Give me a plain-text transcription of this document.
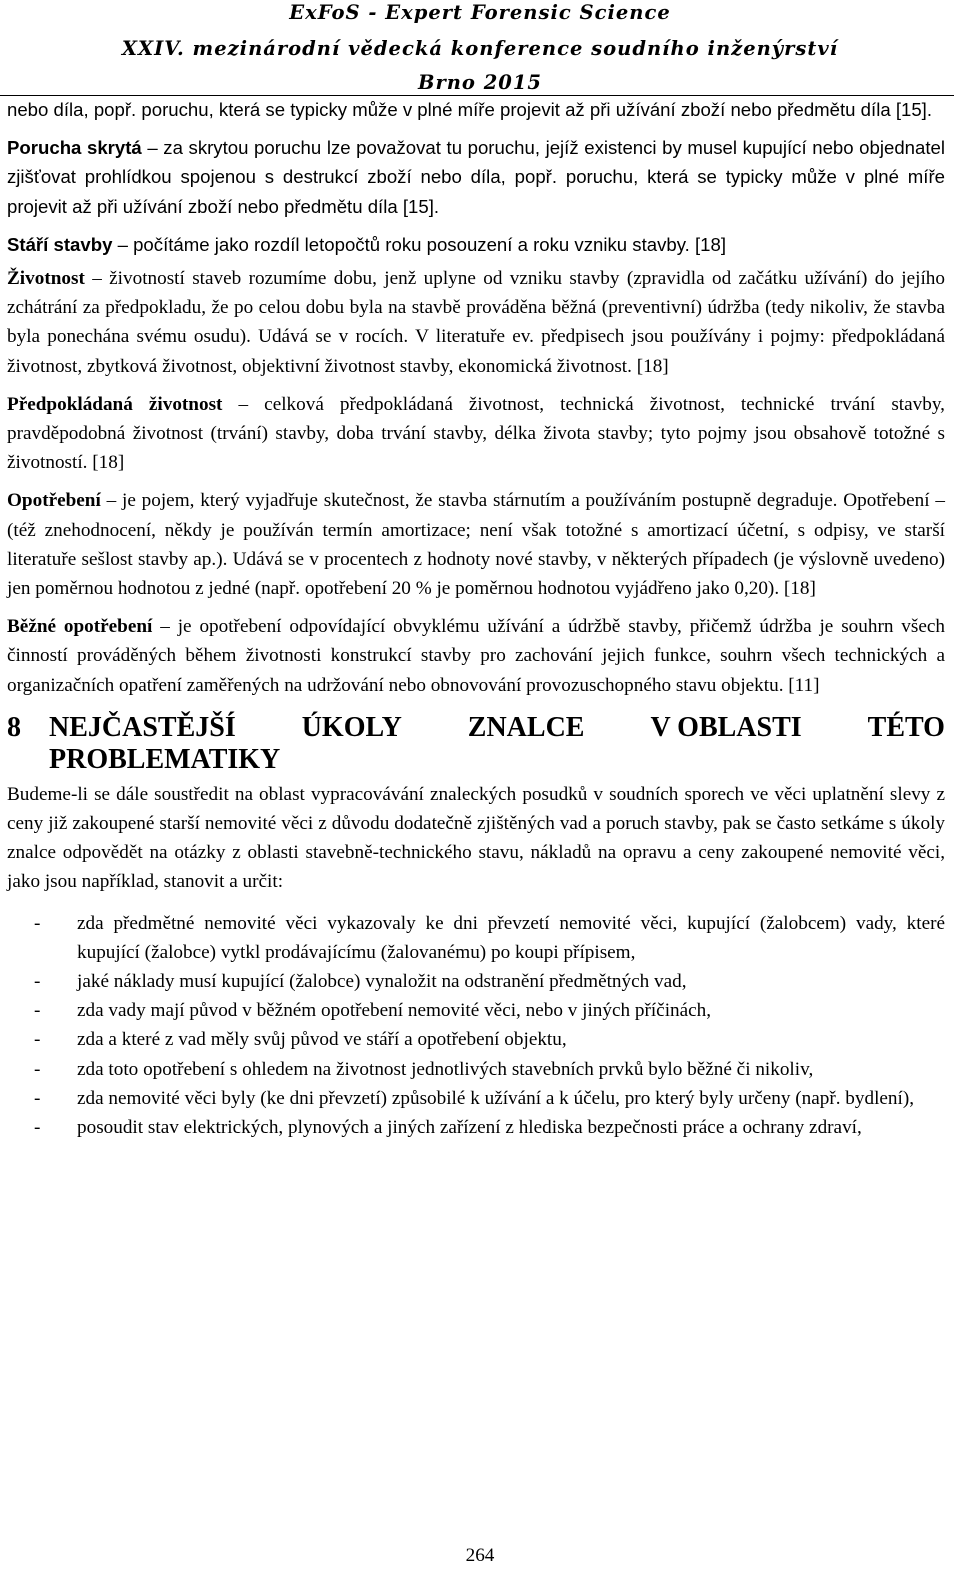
ExFoS - Expert Forensic Science
XXIV. mezinárodní vědecká konference soudního inženýrství
Brno 2015

nebo díla, popř. poruchu, která se typicky může v plné míře projevit až při užívání zboží nebo předmětu díla [15].

Porucha skrytá – za skrytou poruchu lze považovat tu poruchu, jejíž existenci by musel kupující nebo objednatel zjišťovat prohlídkou spojenou s destrukcí zboží nebo díla, popř. poruchu, která se typicky může v plné míře projevit až při užívání zboží nebo předmětu díla [15].

Stáří stavby – počítáme jako rozdíl letopočtů roku posouzení a roku vzniku stavby. [18]

Životnost – životností staveb rozumíme dobu, jenž uplyne od vzniku stavby (zpravidla od začátku užívání) do jejího zchátrání za předpokladu, že po celou dobu byla na stavbě prováděna běžná (preventivní) údržba (tedy nikoliv, že stavba byla ponechána svému osudu). Udává se v rocích. V literatuře ev. předpisech jsou používány i pojmy: předpokládaná životnost, zbytková životnost, objektivní životnost stavby, ekonomická životnost. [18]

Předpokládaná životnost – celková předpokládaná životnost, technická životnost, technické trvání stavby, pravděpodobná životnost (trvání) stavby, doba trvání stavby, délka života stavby; tyto pojmy jsou obsahově totožné s životností. [18]

Opotřebení – je pojem, který vyjadřuje skutečnost, že stavba stárnutím a používáním postupně degraduje. Opotřebení – (též znehodnocení, někdy je používán termín amortizace; není však totožné s amortizací účetní, s odpisy, ve starší literatuře sešlost stavby ap.). Udává se v procentech z hodnoty nové stavby, v některých případech (je výslovně uvedeno) jen poměrnou hodnotou z jedné (např. opotřebení 20 % je poměrnou hodnotou vyjádřeno jako 0,20). [18]

Běžné opotřebení – je opotřebení odpovídající obvyklému užívání a údržbě stavby, přičemž údržba je souhrn všech činností prováděných během životnosti konstrukcí stavby pro zachování jejich funkce, souhrn všech technických a organizačních opatření zaměřených na udržování nebo obnovování provozuschopného stavu objektu. [11]

8 NEJČASTĚJŠÍ ÚKOLY ZNALCE V OBLASTI TÉTO
PROBLEMATIKY

Budeme-li se dále soustředit na oblast vypracovávání znaleckých posudků v soudních sporech ve věci uplatnění slevy z ceny již zakoupené starší nemovité věci z důvodu dodatečně zjištěných vad a poruch stavby, pak se často setkáme s úkoly znalce odpovědět na otázky z oblasti stavebně-technického stavu, nákladů na opravu a ceny zakoupené nemovité věci, jako jsou například, stanovit a určit:

- zda předmětné nemovité věci vykazovaly ke dni převzetí nemovité věci, kupující (žalobcem) vady, které kupující (žalobce) vytkl prodávajícímu (žalovanému) po koupi přípisem,
- jaké náklady musí kupující (žalobce) vynaložit na odstranění předmětných vad,
- zda vady mají původ v běžném opotřebení nemovité věci, nebo v jiných příčinách,
- zda a které z vad měly svůj původ ve stáří a opotřebení objektu,
- zda toto opotřebení s ohledem na životnost jednotlivých stavebních prvků bylo běžné či nikoliv,
- zda nemovité věci byly (ke dni převzetí) způsobilé k užívání a k účelu, pro který byly určeny (např. bydlení),
- posoudit stav elektrických, plynových a jiných zařízení z hlediska bezpečnosti práce a ochrany zdraví,
264
